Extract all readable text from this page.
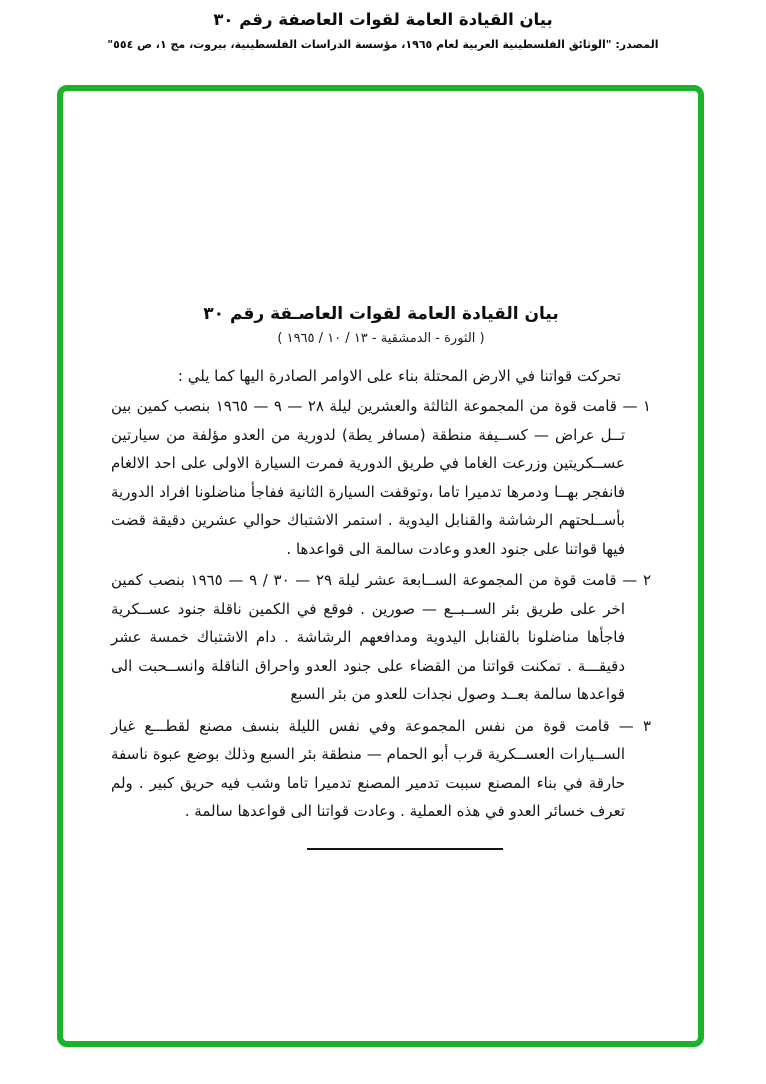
بيان القيادة العامة لقوات العاصفة رقم ٣٠
المصدر: "الوثائق الفلسطينية العربية لعام ١٩٦٥، مؤسسة الدراسات الفلسطينية، بيروت، مج ١، ص ٥٥٤"
بيان القيادة العامة لقوات العاصـقة رقم ٣٠
( الثورة - الدمشقية - ١٣ / ١٠ / ١٩٦٥ )
تحركت قواتنا في الارض المحتلة بناء على الاوامر الصادرة اليها كما يلي :

١ — قامت قوة من المجموعة الثالثة والعشرين ليلة ٢٨ — ٩ — ١٩٦٥ بنصب كمين بين تــل عراض — كســيفة منطقة (مسافر يطة) لدورية من العدو مؤلفة من سيارتين عســكريتين وزرعت الغاما في طريق الدورية فمرت السيارة الاولى على احد الالغام فانفجر بهــا ودمرها تدميرا تاما ،وتوقفت السيارة الثانية ففاجأ مناضلونا افراد الدورية بأســلحتهم الرشاشة والقنابل اليدوية . استمر الاشتباك حوالي عشرين دقيقة قضت فيها قواتنا على جنود العدو وعادت سالمة الى قواعدها .

٢ — قامت قوة من المجموعة الســابعة عشر ليلة ٢٩ — ٣٠ / ٩ — ١٩٦٥ بنصب كمين اخر على طريق بئر الســبــع — صورين . فوقع في الكمين ناقلة جنود عســكرية فاجأها مناضلونا بالقنابل اليدوية ومدافعهم الرشاشة . دام الاشتباك خمسة عشر دقيقـــة . تمكنت قواتنا من القضاء على جنود العدو واحراق الناقلة وانســحبت الى قواعدها سالمة بعــد وصول نجدات للعدو من بئر السبع

٣ — قامت قوة من نفس المجموعة وفي نفس الليلة بنسف مصنع لقطـــع غيار الســيارات العســكرية قرب أبو الحمام — منطقة بئر السبع وذلك بوضع عبوة ناسفة حارقة في بناء المصنع سببت تدمير المصنع تدميرا تاما وشب فيه حريق كبير . ولم تعرف خسائر العدو في هذه العملية . وعادت قواتنا الى قواعدها سالمة .
